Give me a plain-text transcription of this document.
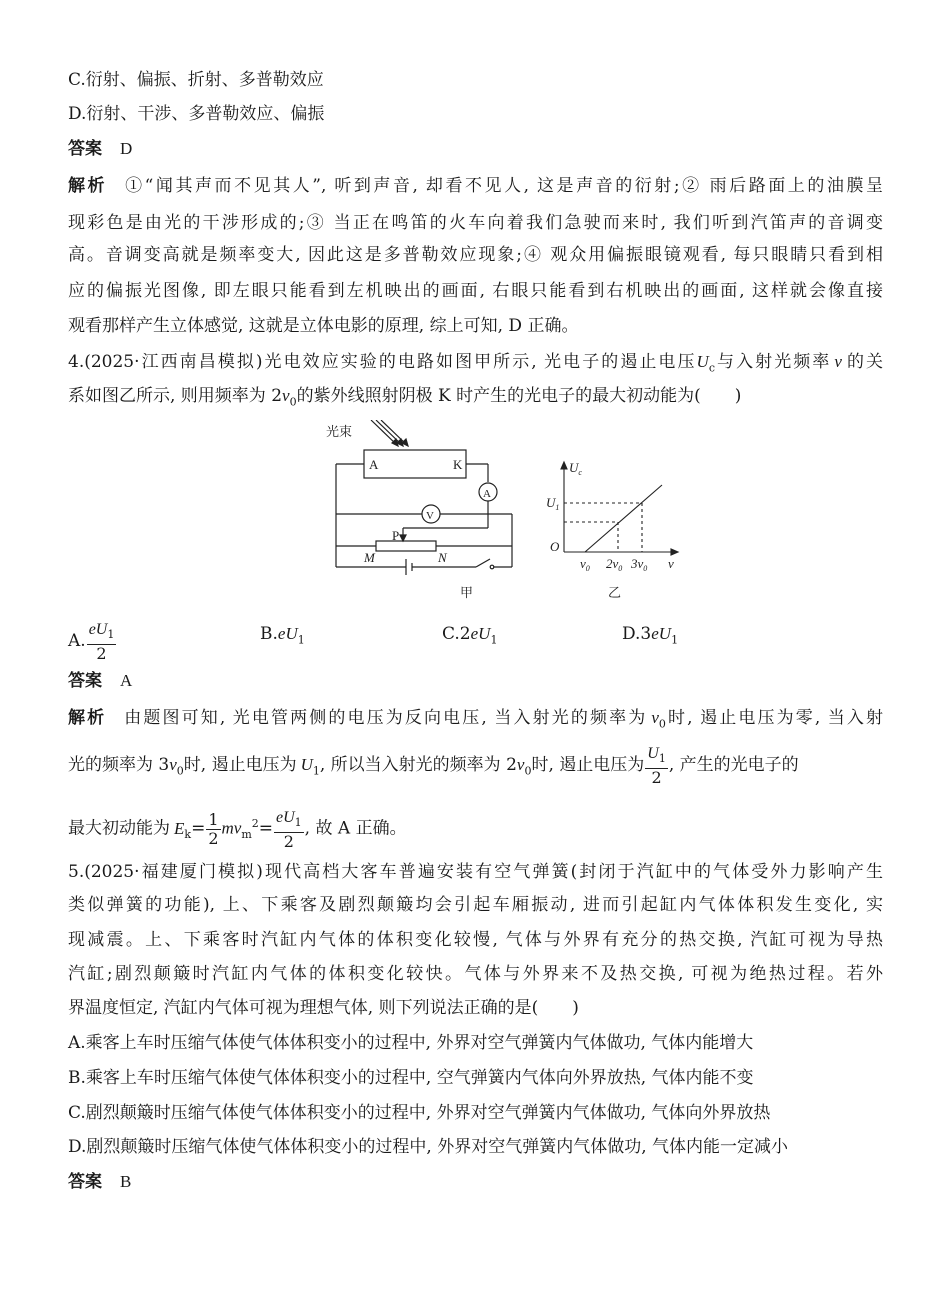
C.衍射、偏振、折射、多普勒效应
D.衍射、干涉、多普勒效应、偏振
答案 D
解析 ①“闻其声而不见其人”, 听到声音, 却看不见人, 这是声音的衍射;② 雨后路面上的油膜呈
现彩色是由光的干涉形成的;③ 当正在鸣笛的火车向着我们急驶而来时, 我们听到汽笛声的音调变
高。音调变高就是频率变大, 因此这是多普勒效应现象;④ 观众用偏振眼镜观看, 每只眼睛只看到相
应的偏振光图像, 即左眼只能看到左机映出的画面, 右眼只能看到右机映出的画面, 这样就会像直接
观看那样产生立体感觉, 这就是立体电影的原理, 综上可知, D 正确。
4.(2025·江西南昌模拟)光电效应实验的电路如图甲所示, 光电子的遏止电压$U_c$与入射光频率 ν 的关
系如图乙所示, 则用频率为 $2\nu_0$的紫外线照射阴极 K 时产生的光电子的最大初动能为(　　)
光束
A	K
A
V
P
M	N
甲
$U_c$
$U_1$
O
$\nu_0$ $2\nu_0$ $3\nu_0$ ν
乙
A. $\frac{eU_1}{2}$	$B.eU_1$	$C.2eU_1$	$D.3eU_1$
答案 A
解析 由题图可知, 光电管两侧的电压为反向电压, 当入射光的频率为 $\nu_0$时, 遏止电压为零, 当入射
光的频率为 $3\nu_0$时, 遏止电压为 $U_1$, 所以当入射光的频率为 $2\nu_0$时, 遏止电压为 $\frac{U_1}{2}$ , 产生的光电子的
最大初动能为 $E_k= \frac{1}{2} mv_m^2= \frac{eU_1}{2}$ , 故 A 正确。
5.(2025·福建厦门模拟)现代高档大客车普遍安装有空气弹簧(封闭于汽缸中的气体受外力影响产生
类似弹簧的功能), 上、下乘客及剧烈颠簸均会引起车厢振动, 进而引起缸内气体体积发生变化, 实
现减震。上、下乘客时汽缸内气体的体积变化较慢, 气体与外界有充分的热交换, 汽缸可视为导热
汽缸;剧烈颠簸时汽缸内气体的体积变化较快。气体与外界来不及热交换, 可视为绝热过程。若外
界温度恒定, 汽缸内气体可视为理想气体, 则下列说法正确的是(　　)
A.乘客上车时压缩气体使气体体积变小的过程中, 外界对空气弹簧内气体做功, 气体内能增大
B.乘客上车时压缩气体使气体体积变小的过程中, 空气弹簧内气体向外界放热, 气体内能不变
C.剧烈颠簸时压缩气体使气体体积变小的过程中, 外界对空气弹簧内气体做功, 气体向外界放热
D.剧烈颠簸时压缩气体使气体体积变小的过程中, 外界对空气弹簧内气体做功, 气体内能一定减小
答案 B
